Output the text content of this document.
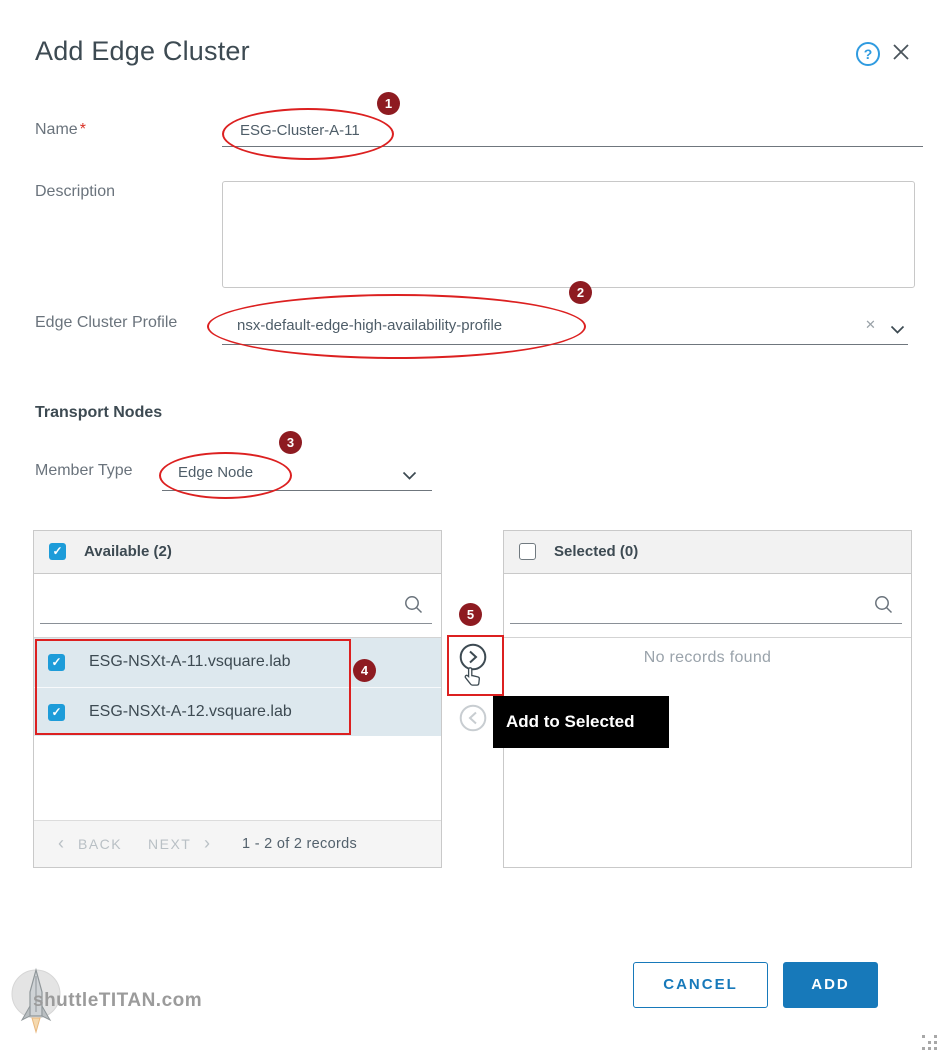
Add Edge Cluster
?
Name *
ESG-Cluster-A-11
Description
Edge Cluster Profile	nsx-default-edge-high-availability-profile	✕
Transport Nodes
Member Type	Edge Node
✓
Available (2)
✓
ESG-NSXt-A-11.vsquare.lab
✓
ESG-NSXt-A-12.vsquare.lab
‹ BACK NEXT › 1 - 2 of 2 records
Selected (0)
No records found
Add to Selected
1
2
3
4
5
CANCEL	ADD
shuttleTITAN.com
